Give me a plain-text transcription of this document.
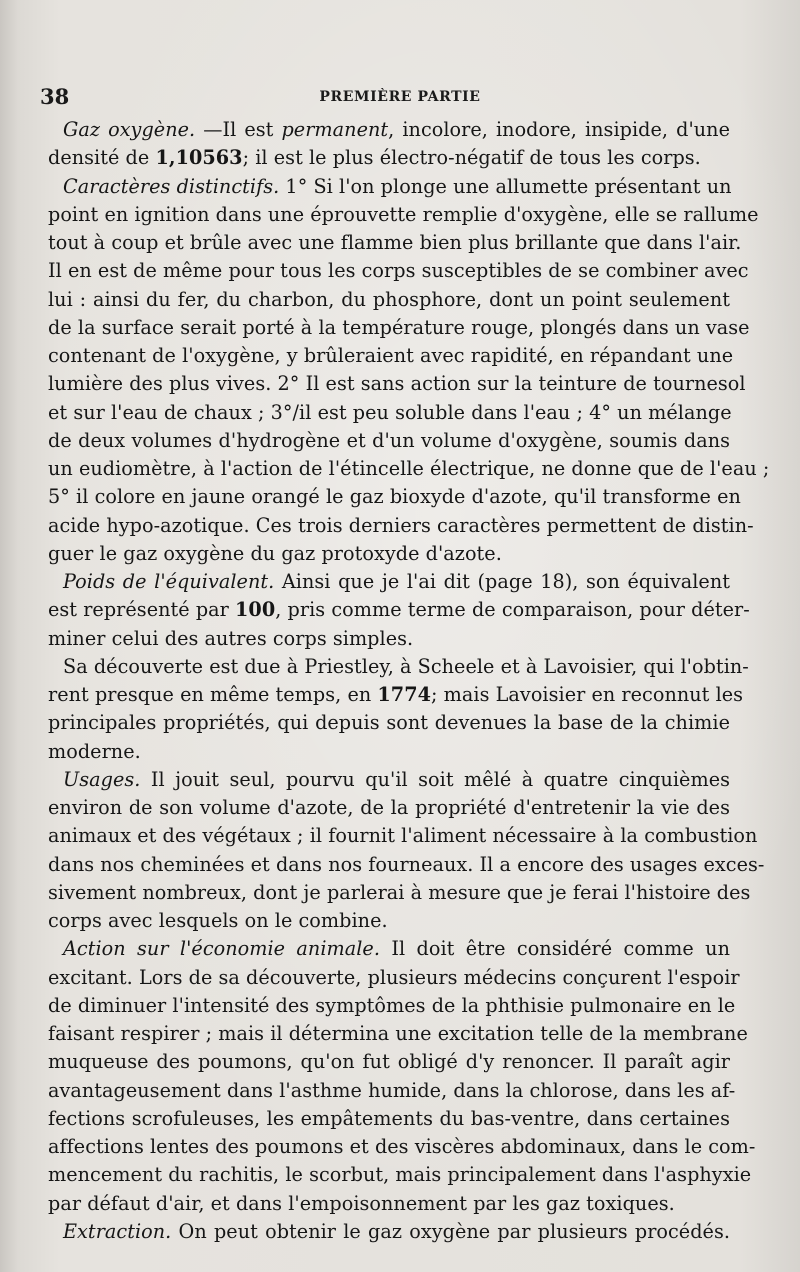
38	PREMIÈRE PARTIE
Gaz oxygène. —Il est permanent, incolore, inodore, insipide, d'une
densité de 1,10563; il est le plus électro-négatif de tous les corps.
Caractères distinctifs. 1° Si l'on plonge une allumette présentant un
point en ignition dans une éprouvette remplie d'oxygène, elle se rallume
tout à coup et brûle avec une flamme bien plus brillante que dans l'air.
Il en est de même pour tous les corps susceptibles de se combiner avec
lui : ainsi du fer, du charbon, du phosphore, dont un point seulement
de la surface serait porté à la température rouge, plongés dans un vase
contenant de l'oxygène, y brûleraient avec rapidité, en répandant une
lumière des plus vives. 2° Il est sans action sur la teinture de tournesol
et sur l'eau de chaux ; 3°/il est peu soluble dans l'eau ; 4° un mélange
de deux volumes d'hydrogène et d'un volume d'oxygène, soumis dans
un eudiomètre, à l'action de l'étincelle électrique, ne donne que de l'eau ;
5° il colore en jaune orangé le gaz bioxyde d'azote, qu'il transforme en
acide hypo-azotique. Ces trois derniers caractères permettent de distin-
guer le gaz oxygène du gaz protoxyde d'azote.
Poids de l'équivalent. Ainsi que je l'ai dit (page 18), son équivalent
est représenté par 100, pris comme terme de comparaison, pour déter-
miner celui des autres corps simples.
Sa découverte est due à Priestley, à Scheele et à Lavoisier, qui l'obtin-
rent presque en même temps, en 1774; mais Lavoisier en reconnut les
principales propriétés, qui depuis sont devenues la base de la chimie
moderne.
Usages. Il jouit seul, pourvu qu'il soit mêlé à quatre cinquièmes
environ de son volume d'azote, de la propriété d'entretenir la vie des
animaux et des végétaux ; il fournit l'aliment nécessaire à la combustion
dans nos cheminées et dans nos fourneaux. Il a encore des usages exces-
sivement nombreux, dont je parlerai à mesure que je ferai l'histoire des
corps avec lesquels on le combine.
Action sur l'économie animale. Il doit être considéré comme un
excitant. Lors de sa découverte, plusieurs médecins conçurent l'espoir
de diminuer l'intensité des symptômes de la phthisie pulmonaire en le
faisant respirer ; mais il détermina une excitation telle de la membrane
muqueuse des poumons, qu'on fut obligé d'y renoncer. Il paraît agir
avantageusement dans l'asthme humide, dans la chlorose, dans les af-
fections scrofuleuses, les empâtements du bas-ventre, dans certaines
affections lentes des poumons et des viscères abdominaux, dans le com-
mencement du rachitis, le scorbut, mais principalement dans l'asphyxie
par défaut d'air, et dans l'empoisonnement par les gaz toxiques.
Extraction. On peut obtenir le gaz oxygène par plusieurs procédés.
